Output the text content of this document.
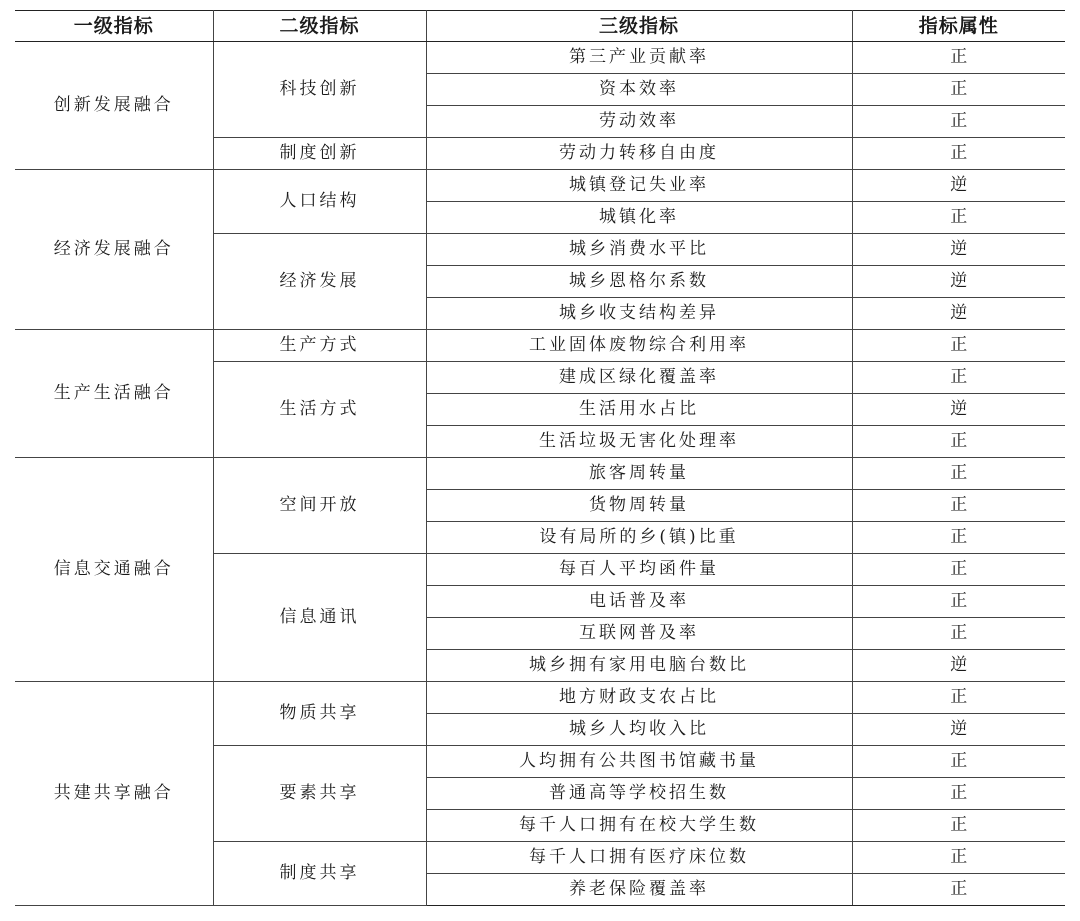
一级指标	二级指标	三级指标	指标属性
创新发展融合	科技创新	第三产业贡献率	正
		资本效率	正
		劳动效率	正
	制度创新	劳动力转移自由度	正
经济发展融合	人口结构	城镇登记失业率	逆
		城镇化率	正
	经济发展	城乡消费水平比	逆
		城乡恩格尔系数	逆
		城乡收支结构差异	逆
生产生活融合	生产方式	工业固体废物综合利用率	正
	生活方式	建成区绿化覆盖率	正
		生活用水占比	逆
		生活垃圾无害化处理率	正
信息交通融合	空间开放	旅客周转量	正
		货物周转量	正
		设有局所的乡(镇)比重	正
	信息通讯	每百人平均函件量	正
		电话普及率	正
		互联网普及率	正
		城乡拥有家用电脑台数比	逆
共建共享融合	物质共享	地方财政支农占比	正
		城乡人均收入比	逆
	要素共享	人均拥有公共图书馆藏书量	正
		普通高等学校招生数	正
		每千人口拥有在校大学生数	正
	制度共享	每千人口拥有医疗床位数	正
		养老保险覆盖率	正
